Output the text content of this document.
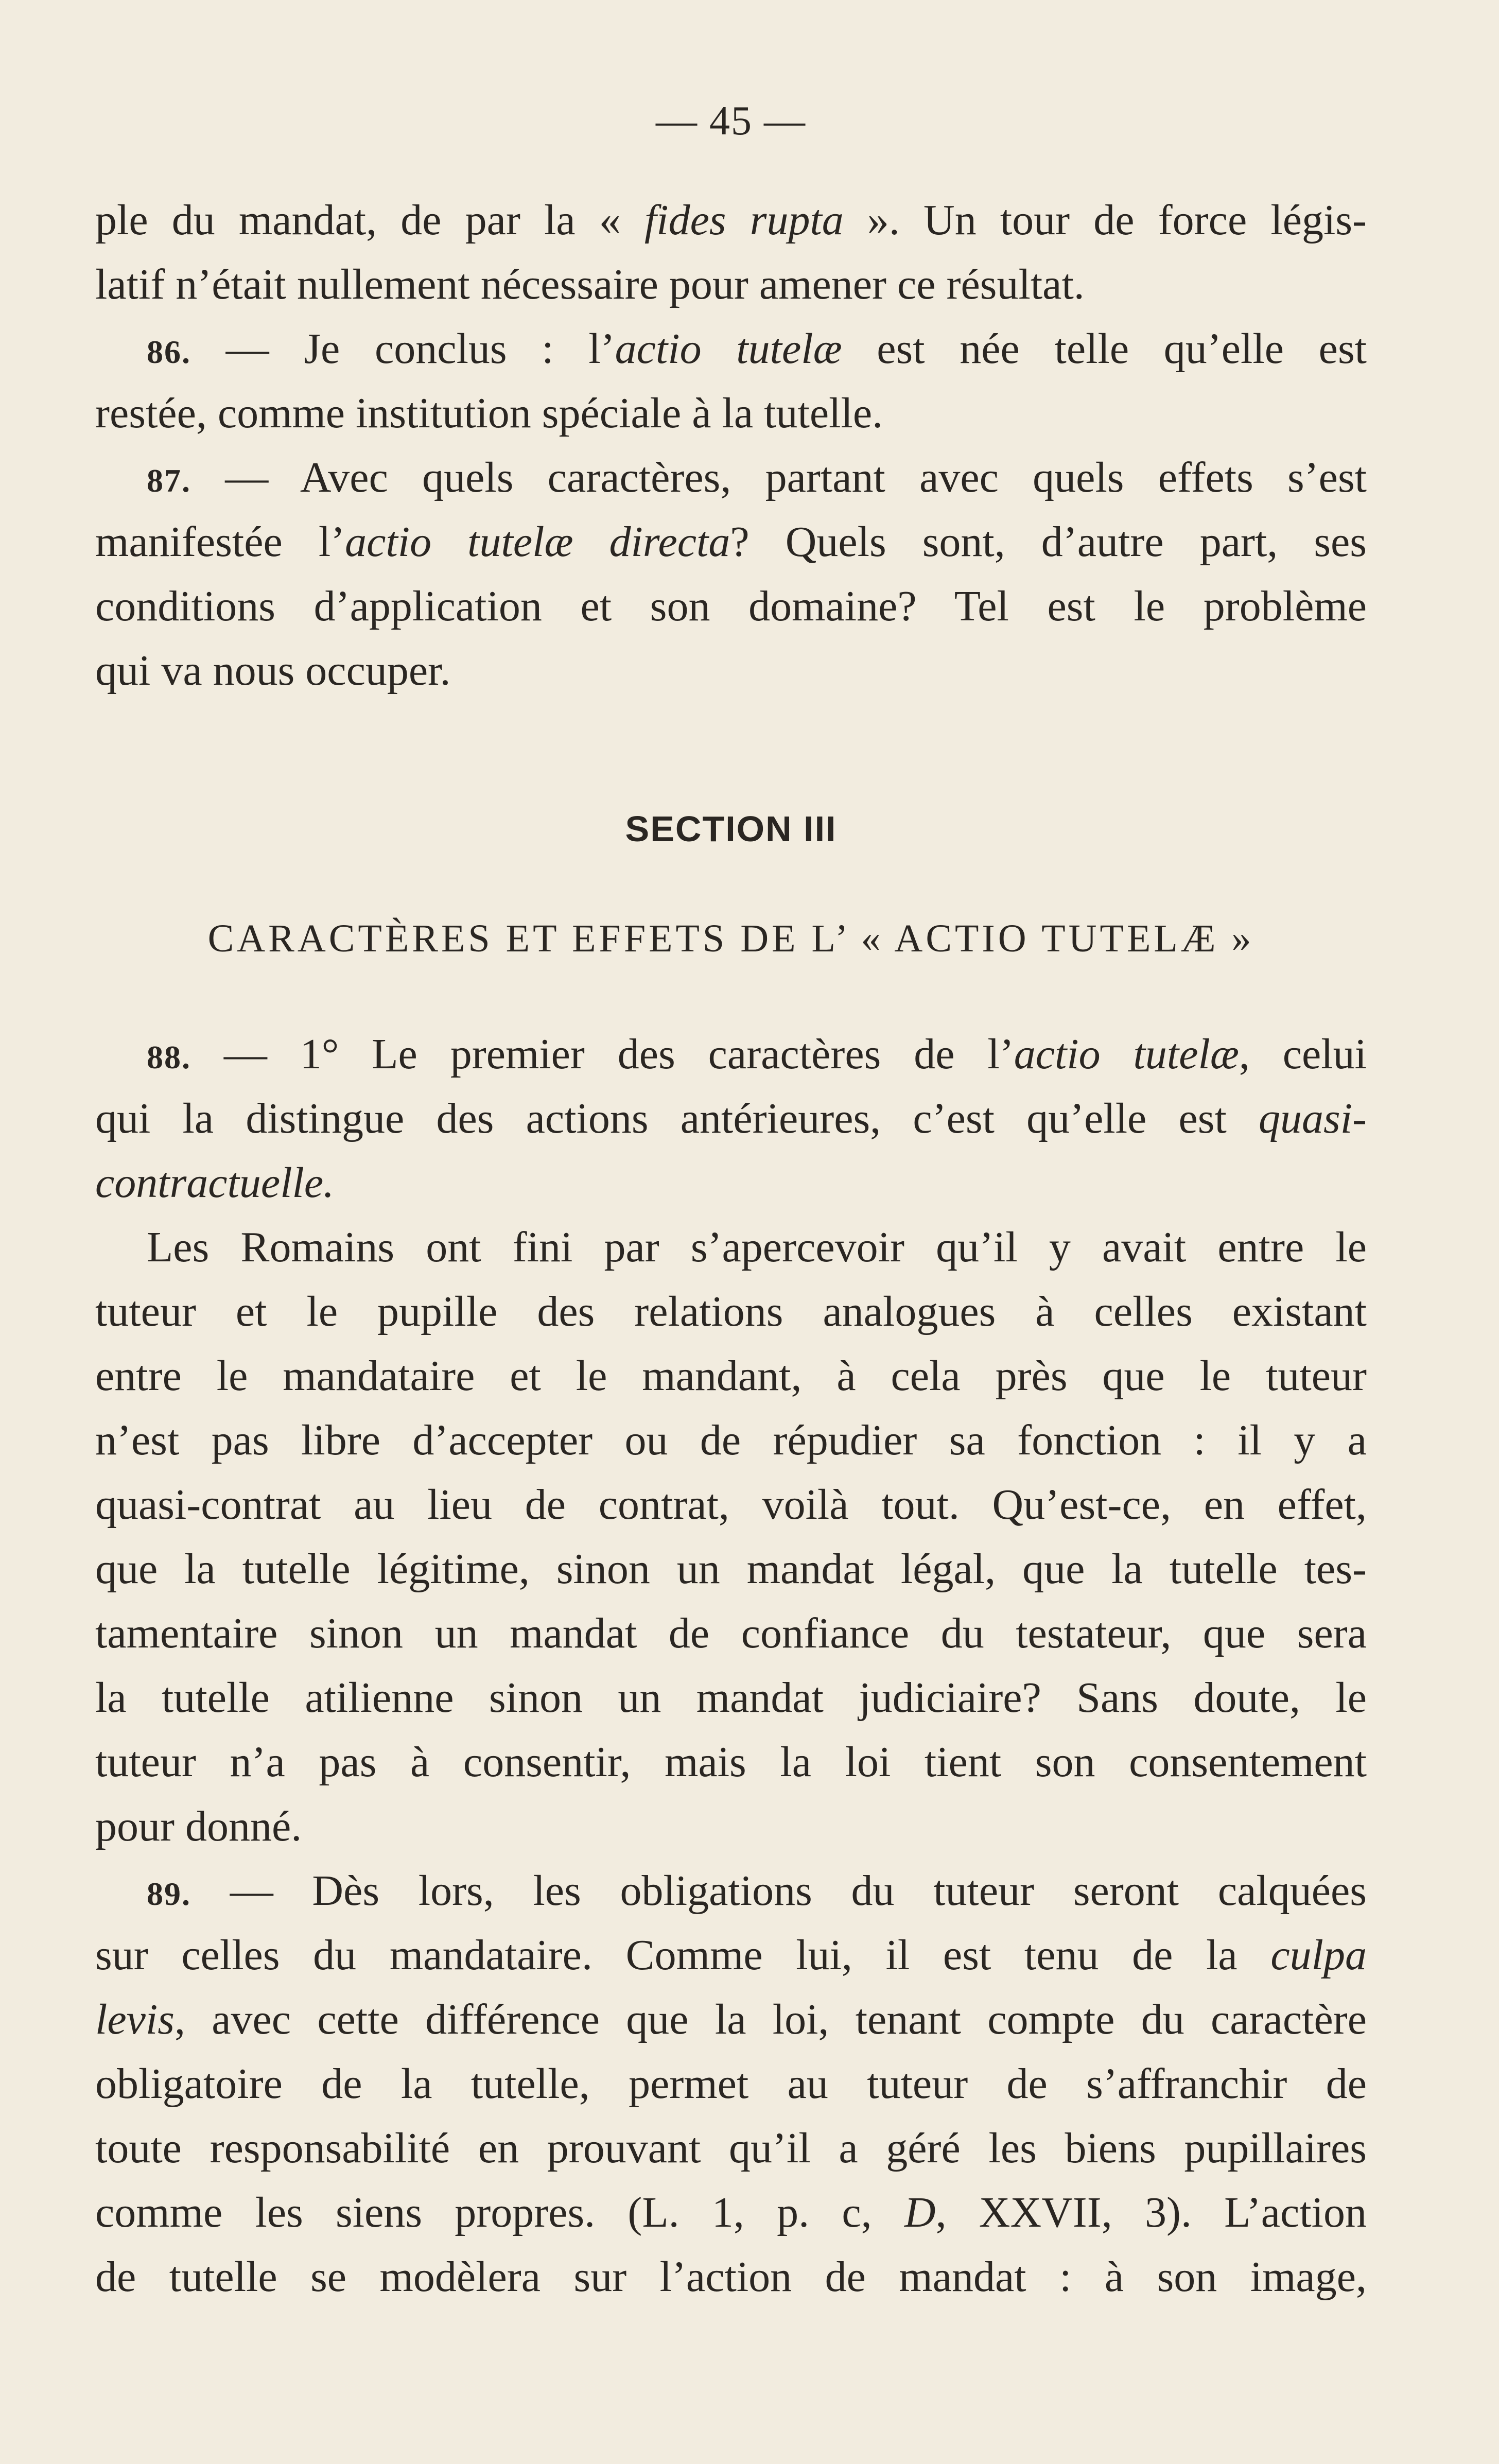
— 45 —
ple du mandat, de par la « fides rupta ». Un tour de force légis-
latif n’était nullement nécessaire pour amener ce résultat.
86. — Je conclus : l’actio tutelæ est née telle qu’elle est
restée, comme institution spéciale à la tutelle.
87. — Avec quels caractères, partant avec quels effets s’est
manifestée l’actio tutelæ directa? Quels sont, d’autre part, ses
conditions d’application et son domaine? Tel est le problème
qui va nous occuper.
SECTION III
CARACTÈRES ET EFFETS DE L’ « ACTIO TUTELÆ »
88. — 1° Le premier des caractères de l’actio tutelæ, celui
qui la distingue des actions antérieures, c’est qu’elle est quasi-
contractuelle.
Les Romains ont fini par s’apercevoir qu’il y avait entre le
tuteur et le pupille des relations analogues à celles existant
entre le mandataire et le mandant, à cela près que le tuteur
n’est pas libre d’accepter ou de répudier sa fonction : il y a
quasi-contrat au lieu de contrat, voilà tout. Qu’est-ce, en effet,
que la tutelle légitime, sinon un mandat légal, que la tutelle tes-
tamentaire sinon un mandat de confiance du testateur, que sera
la tutelle atilienne sinon un mandat judiciaire? Sans doute, le
tuteur n’a pas à consentir, mais la loi tient son consentement
pour donné.
89. — Dès lors, les obligations du tuteur seront calquées
sur celles du mandataire. Comme lui, il est tenu de la culpa
levis, avec cette différence que la loi, tenant compte du caractère
obligatoire de la tutelle, permet au tuteur de s’affranchir de
toute responsabilité en prouvant qu’il a géré les biens pupillaires
comme les siens propres. (L. 1, p. c, D, XXVII, 3). L’action
de tutelle se modèlera sur l’action de mandat : à son image,
